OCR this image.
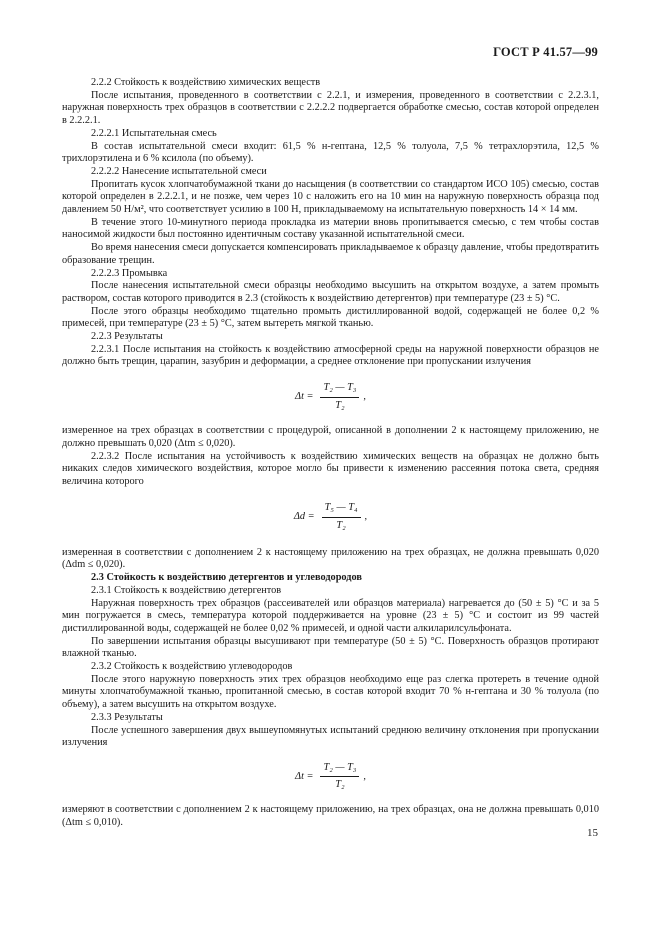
ГОСТ Р 41.57—99

2.2.2 Стойкость к воздействию химических веществ

После испытания, проведенного в соответствии с 2.2.1, и измерения, проведенного в соответствии с 2.2.3.1, наружная поверхность трех образцов в соответствии с 2.2.2.2 подвергается обработке смесью, состав которой определен в 2.2.2.1.

2.2.2.1 Испытательная смесь

В состав испытательной смеси входит: 61,5 % н-гептана, 12,5 % толуола, 7,5 % тетрахлорэтила, 12,5 % трихлорэтилена и 6 % ксилола (по объему).

2.2.2.2 Нанесение испытательной смеси

Пропитать кусок хлопчатобумажной ткани до насыщения (в соответствии со стандартом ИСО 105) смесью, состав которой определен в 2.2.2.1, и не позже, чем через 10 с наложить его на 10 мин на наружную поверхность образца под давлением 50 Н/м², что соответствует усилию в 100 Н, прикладываемому на испытательную поверхность 14 × 14 мм.

В течение этого 10-минутного периода прокладка из материи вновь пропитывается смесью, с тем чтобы состав наносимой жидкости был постоянно идентичным составу указанной испытательной смеси.

Во время нанесения смеси допускается компенсировать прикладываемое к образцу давление, чтобы предотвратить образование трещин.

2.2.2.3 Промывка

После нанесения испытательной смеси образцы необходимо высушить на открытом воздухе, а затем промыть раствором, состав которого приводится в 2.3 (стойкость к воздействию детергентов) при температуре (23 ± 5) °С.

После этого образцы необходимо тщательно промыть дистиллированной водой, содержащей не более 0,2 % примесей, при температуре (23 ± 5) °С, затем вытереть мягкой тканью.

2.2.3 Результаты

2.2.3.1 После испытания на стойкость к воздействию атмосферной среды на наружной поверхности образцов не должно быть трещин, царапин, зазубрин и деформации, а среднее отклонение при пропускании излучения

$\Delta t = \frac{\text{T₂ — T₃}}{\text{T₂}}$ ,

измеренное на трех образцах в соответствии с процедурой, описанной в дополнении 2 к настоящему приложению, не должно превышать 0,020 (Δtm ≤ 0,020).

2.2.3.2 После испытания на устойчивость к воздействию химических веществ на образцах не должно быть никаких следов химического воздействия, которое могло бы привести к изменению рассеяния потока света, средняя величина которого

$\Delta d = \frac{\text{T₅ — T₄}}{\text{T₂}}$ ,

измеренная в соответствии с дополнением 2 к настоящему приложению на трех образцах, не должна превышать 0,020 (Δdm ≤ 0,020).

2.3 Стойкость к воздействию детергентов и углеводородов

2.3.1 Стойкость к воздействию детергентов

Наружная поверхность трех образцов (рассеивателей или образцов материала) нагревается до (50 ± 5) °С и за 5 мин погружается в смесь, температура которой поддерживается на уровне (23 ± 5) °С и состоит из 99 частей дистиллированной воды, содержащей не более 0,02 % примесей, и одной части алкиларилсульфоната.

По завершении испытания образцы высушивают при температуре (50 ± 5) °С. Поверхность образцов протирают влажной тканью.

2.3.2 Стойкость к воздействию углеводородов

После этого наружную поверхность этих трех образцов необходимо еще раз слегка протереть в течение одной минуты хлопчатобумажной тканью, пропитанной смесью, в состав которой входит 70 % н-гептана и 30 % толуола (по объему), а затем высушить на открытом воздухе.

2.3.3 Результаты

После успешного завершения двух вышеупомянутых испытаний среднюю величину отклонения при пропускании излучения

$\Delta t = \frac{\text{T₂ — T₃}}{\text{T₂}}$ ,

измеряют в соответствии с дополнением 2 к настоящему приложению, на трех образцах, она не должна превышать 0,010 (Δtm ≤ 0,010).

15
